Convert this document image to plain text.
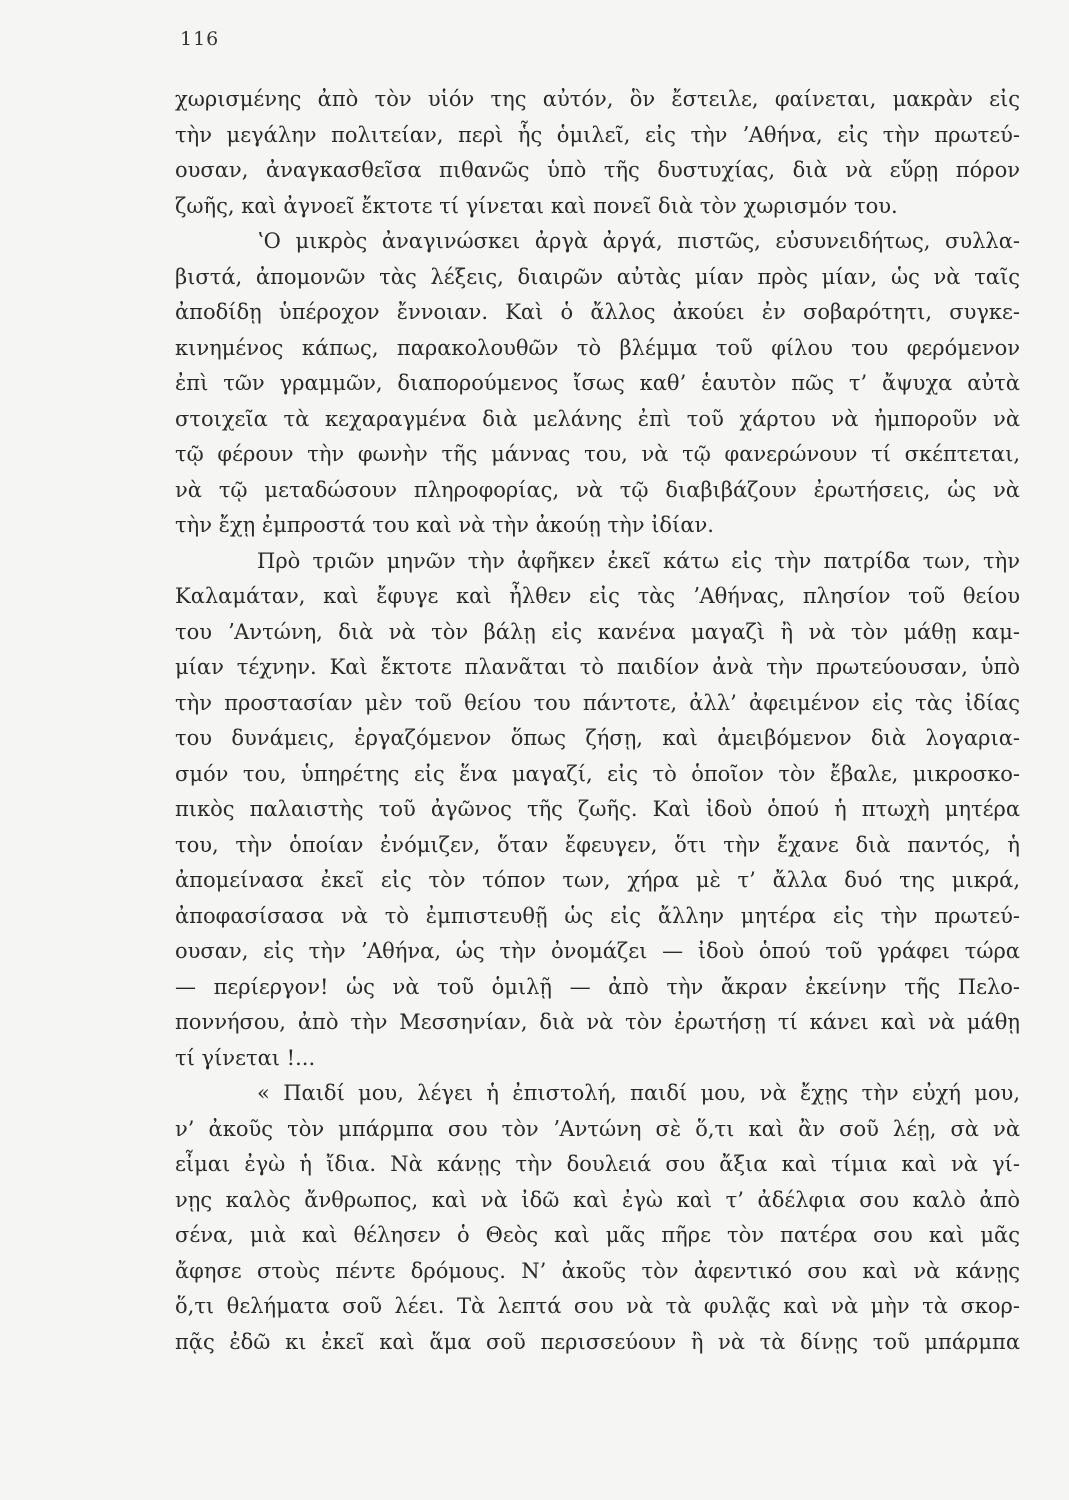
116
χωρισμένης ἀπὸ τὸν υἱόν της αὐτόν, ὃν ἔστειλε, φαίνεται, μακρὰν εἰς
τὴν μεγάλην πολιτείαν, περὶ ἧς ὁμιλεῖ, εἰς τὴν ʼΑθήνα, εἰς τὴν πρωτεύ-
ουσαν, ἀναγκασθεῖσα πιθανῶς ὑπὸ τῆς δυστυχίας, διὰ νὰ εὕρῃ πόρον
ζωῆς, καὶ ἀγνοεῖ ἔκτοτε τί γίνεται καὶ πονεῖ διὰ τὸν χωρισμόν του.
ʽΟ μικρὸς ἀναγινώσκει ἀργὰ ἀργά, πιστῶς, εὐσυνειδήτως, συλλα-
βιστά, ἀπομονῶν τὰς λέξεις, διαιρῶν αὐτὰς μίαν πρὸς μίαν, ὡς νὰ ταῖς
ἀποδίδῃ ὑπέροχον ἔννοιαν. Καὶ ὁ ἄλλος ἀκούει ἐν σοβαρότητι, συγκε-
κινημένος κάπως, παρακολουθῶν τὸ βλέμμα τοῦ φίλου του φερόμενον
ἐπὶ τῶν γραμμῶν, διαπορούμενος ἴσως καθ’ ἑαυτὸν πῶς τ’ ἄψυχα αὐτὰ
στοιχεῖα τὰ κεχαραγμένα διὰ μελάνης ἐπὶ τοῦ χάρτου νὰ ἠμποροῦν νὰ
τῷ φέρουν τὴν φωνὴν τῆς μάννας του, νὰ τῷ φανερώνουν τί σκέπτεται,
νὰ τῷ μεταδώσουν πληροφορίας, νὰ τῷ διαβιβάζουν ἐρωτήσεις, ὡς νὰ
τὴν ἔχῃ ἐμπροστά του καὶ νὰ τὴν ἀκούῃ τὴν ἰδίαν.
Πρὸ τριῶν μηνῶν τὴν ἀφῆκεν ἐκεῖ κάτω εἰς τὴν πατρίδα των, τὴν
Καλαμάταν, καὶ ἔφυγε καὶ ἦλθεν εἰς τὰς ʼΑθήνας, πλησίον τοῦ θείου
του ʼΑντώνη, διὰ νὰ τὸν βάλῃ εἰς κανένα μαγαζὶ ἢ νὰ τὸν μάθῃ καμ-
μίαν τέχνην. Καὶ ἔκτοτε πλανᾶται τὸ παιδίον ἀνὰ τὴν πρωτεύουσαν, ὑπὸ
τὴν προστασίαν μὲν τοῦ θείου του πάντοτε, ἀλλ’ ἀφειμένον εἰς τὰς ἰδίας
του δυνάμεις, ἐργαζόμενον ὅπως ζήσῃ, καὶ ἀμειβόμενον διὰ λογαρια-
σμόν του, ὑπηρέτης εἰς ἕνα μαγαζί, εἰς τὸ ὁποῖον τὸν ἔβαλε, μικροσκο-
πικὸς παλαιστὴς τοῦ ἀγῶνος τῆς ζωῆς. Καὶ ἰδοὺ ὁπού ἡ πτωχὴ μητέρα
του, τὴν ὁποίαν ἐνόμιζεν, ὅταν ἔφευγεν, ὅτι τὴν ἔχανε διὰ παντός, ἡ
ἀπομείνασα ἐκεῖ εἰς τὸν τόπον των, χήρα μὲ τ’ ἄλλα δυό της μικρά,
ἀποφασίσασα νὰ τὸ ἐμπιστευθῇ ὡς εἰς ἄλλην μητέρα εἰς τὴν πρωτεύ-
ουσαν, εἰς τὴν ʼΑθήνα, ὡς τὴν ὀνομάζει — ἰδοὺ ὁπού τοῦ γράφει τώρα
— περίεργον! ὡς νὰ τοῦ ὁμιλῇ — ἀπὸ τὴν ἄκραν ἐκείνην τῆς Πελο-
ποννήσου, ἀπὸ τὴν Μεσσηνίαν, διὰ νὰ τὸν ἐρωτήσῃ τί κάνει καὶ νὰ μάθῃ
τί γίνεται !...
« Παιδί μου, λέγει ἡ ἐπιστολή, παιδί μου, νὰ ἔχῃς τὴν εὐχή μου,
ν’ ἀκοῦς τὸν μπάρμπα σου τὸν ʼΑντώνη σὲ ὅ,τι καὶ ἂν σοῦ λέῃ, σὰ νὰ
εἶμαι ἐγὼ ἡ ἴδια. Νὰ κάνῃς τὴν δουλειά σου ἄξια καὶ τίμια καὶ νὰ γί-
νῃς καλὸς ἄνθρωπος, καὶ νὰ ἰδῶ καὶ ἐγὼ καὶ τ’ ἀδέλφια σου καλὸ ἀπὸ
σένα, μιὰ καὶ θέλησεν ὁ Θεὸς καὶ μᾶς πῆρε τὸν πατέρα σου καὶ μᾶς
ἄφησε στοὺς πέντε δρόμους. Ν’ ἀκοῦς τὸν ἀφεντικό σου καὶ νὰ κάνῃς
ὅ,τι θελήματα σοῦ λέει. Τὰ λεπτά σου νὰ τὰ φυλᾷς καὶ νὰ μὴν τὰ σκορ-
πᾷς ἐδῶ κι ἐκεῖ καὶ ἅμα σοῦ περισσεύουν ἢ νὰ τὰ δίνῃς τοῦ μπάρμπα
